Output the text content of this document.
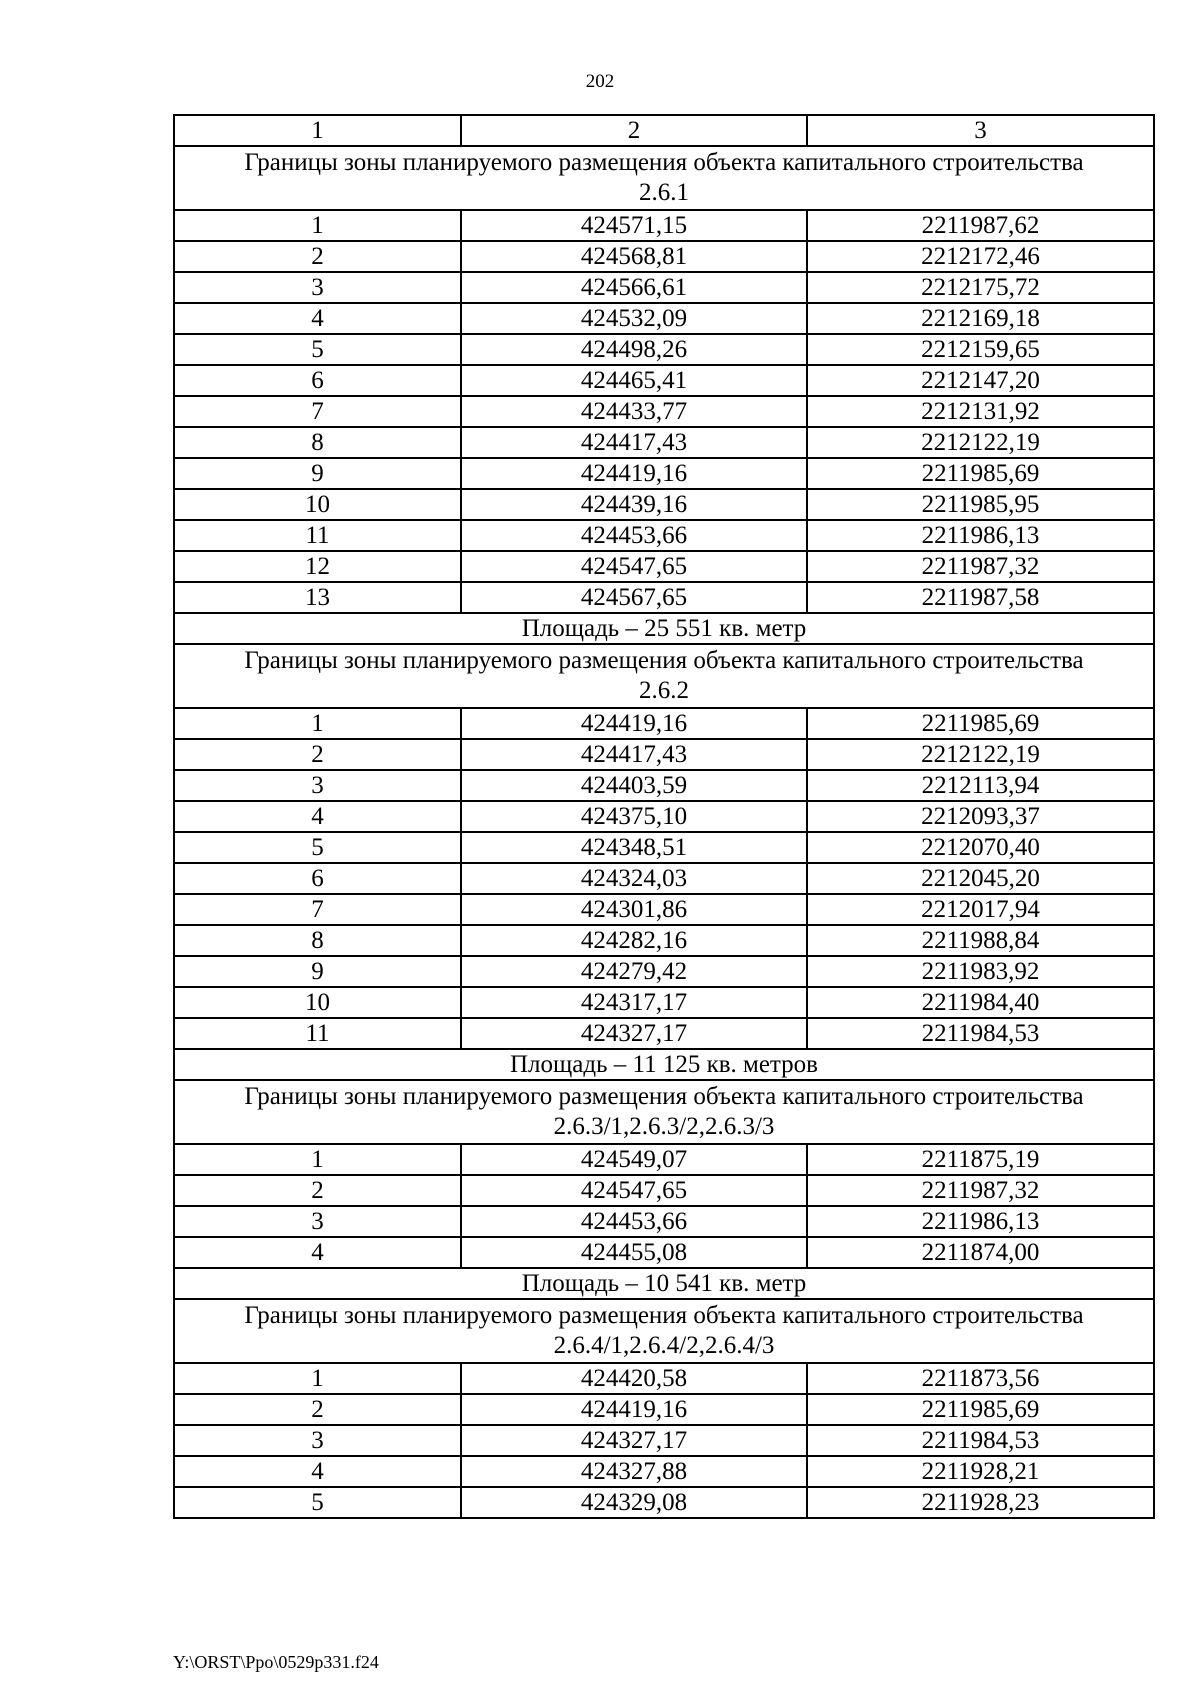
202
1	2	3
Границы зоны планируемого размещения объекта капитального строительства 2.6.1		
1	424571,15	2211987,62
2	424568,81	2212172,46
3	424566,61	2212175,72
4	424532,09	2212169,18
5	424498,26	2212159,65
6	424465,41	2212147,20
7	424433,77	2212131,92
8	424417,43	2212122,19
9	424419,16	2211985,69
10	424439,16	2211985,95
11	424453,66	2211986,13
12	424547,65	2211987,32
13	424567,65	2211987,58
Площадь – 25 551 кв. метр		
Границы зоны планируемого размещения объекта капитального строительства 2.6.2		
1	424419,16	2211985,69
2	424417,43	2212122,19
3	424403,59	2212113,94
4	424375,10	2212093,37
5	424348,51	2212070,40
6	424324,03	2212045,20
7	424301,86	2212017,94
8	424282,16	2211988,84
9	424279,42	2211983,92
10	424317,17	2211984,40
11	424327,17	2211984,53
Площадь – 11 125 кв. метров		
Границы зоны планируемого размещения объекта капитального строительства 2.6.3/1,2.6.3/2,2.6.3/3		
1	424549,07	2211875,19
2	424547,65	2211987,32
3	424453,66	2211986,13
4	424455,08	2211874,00
Площадь – 10 541 кв. метр		
Границы зоны планируемого размещения объекта капитального строительства 2.6.4/1,2.6.4/2,2.6.4/3		
1	424420,58	2211873,56
2	424419,16	2211985,69
3	424327,17	2211984,53
4	424327,88	2211928,21
5	424329,08	2211928,23
Y:\ORST\Ppo\0529p331.f24
